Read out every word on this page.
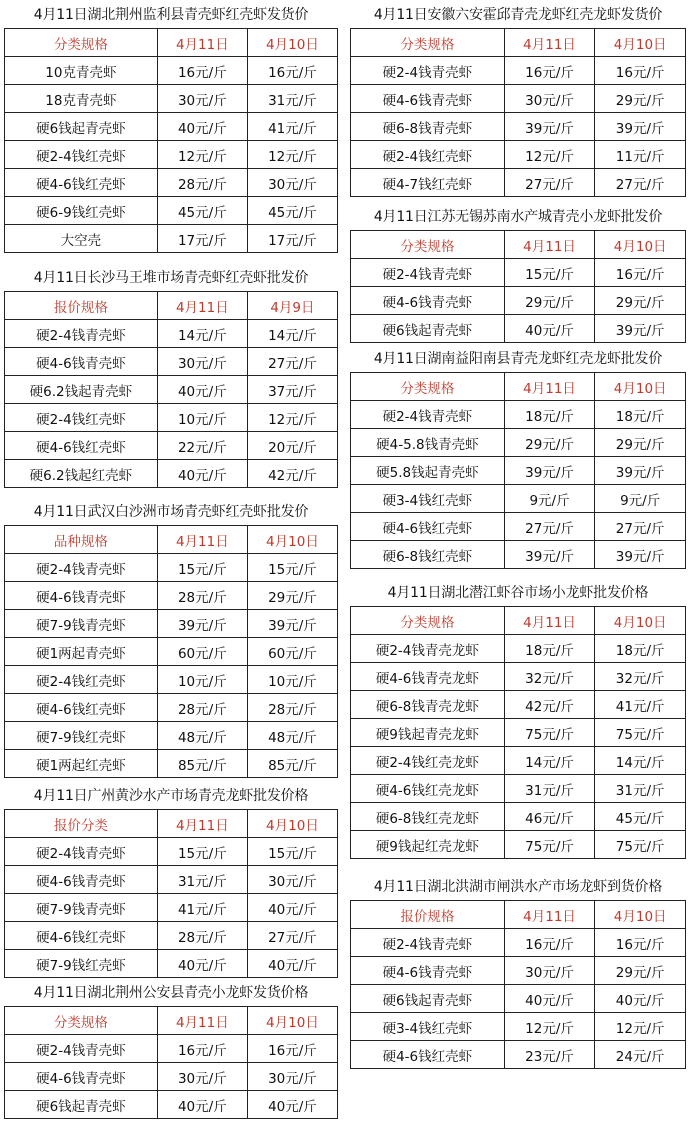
4月11日湖北荆州监利县青壳虾红壳虾发货价
分类规格	4月11日	4月10日
10克青壳虾	16元/斤	16元/斤
18克青壳虾	30元/斤	31元/斤
硬6钱起青壳虾	40元/斤	41元/斤
硬2-4钱红壳虾	12元/斤	12元/斤
硬4-6钱红壳虾	28元/斤	30元/斤
硬6-9钱红壳虾	45元/斤	45元/斤
大空壳	17元/斤	17元/斤
4月11日长沙马王堆市场青壳虾红壳虾批发价
报价规格	4月11日	4月9日
硬2-4钱青壳虾	14元/斤	14元/斤
硬4-6钱青壳虾	30元/斤	27元/斤
硬6.2钱起青壳虾	40元/斤	37元/斤
硬2-4钱红壳虾	10元/斤	12元/斤
硬4-6钱红壳虾	22元/斤	20元/斤
硬6.2钱起红壳虾	40元/斤	42元/斤
4月11日武汉白沙洲市场青壳虾红壳虾批发价
品种规格	4月11日	4月10日
硬2-4钱青壳虾	15元/斤	15元/斤
硬4-6钱青壳虾	28元/斤	29元/斤
硬7-9钱青壳虾	39元/斤	39元/斤
硬1两起青壳虾	60元/斤	60元/斤
硬2-4钱红壳虾	10元/斤	10元/斤
硬4-6钱红壳虾	28元/斤	28元/斤
硬7-9钱红壳虾	48元/斤	48元/斤
硬1两起红壳虾	85元/斤	85元/斤
4月11日广州黄沙水产市场青壳龙虾批发价格
报价分类	4月11日	4月10日
硬2-4钱青壳虾	15元/斤	15元/斤
硬4-6钱青壳虾	31元/斤	30元/斤
硬7-9钱青壳虾	41元/斤	40元/斤
硬4-6钱红壳虾	28元/斤	27元/斤
硬7-9钱红壳虾	40元/斤	40元/斤
4月11日湖北荆州公安县青壳小龙虾发货价格
分类规格	4月11日	4月10日
硬2-4钱青壳虾	16元/斤	16元/斤
硬4-6钱青壳虾	30元/斤	30元/斤
硬6钱起青壳虾	40元/斤	40元/斤
4月11日安徽六安霍邱青壳龙虾红壳龙虾发货价
分类规格	4月11日	4月10日
硬2-4钱青壳虾	16元/斤	16元/斤
硬4-6钱青壳虾	30元/斤	29元/斤
硬6-8钱青壳虾	39元/斤	39元/斤
硬2-4钱红壳虾	12元/斤	11元/斤
硬4-7钱红壳虾	27元/斤	27元/斤
4月11日江苏无锡苏南水产城青壳小龙虾批发价
分类规格	4月11日	4月10日
硬2-4钱青壳虾	15元/斤	16元/斤
硬4-6钱青壳虾	29元/斤	29元/斤
硬6钱起青壳虾	40元/斤	39元/斤
4月11日湖南益阳南县青壳龙虾红壳龙虾批发价
分类规格	4月11日	4月10日
硬2-4钱青壳虾	18元/斤	18元/斤
硬4-5.8钱青壳虾	29元/斤	29元/斤
硬5.8钱起青壳虾	39元/斤	39元/斤
硬3-4钱红壳虾	9元/斤	9元/斤
硬4-6钱红壳虾	27元/斤	27元/斤
硬6-8钱红壳虾	39元/斤	39元/斤
4月11日湖北潜江虾谷市场小龙虾批发价格
分类规格	4月11日	4月10日
硬2-4钱青壳龙虾	18元/斤	18元/斤
硬4-6钱青壳龙虾	32元/斤	32元/斤
硬6-8钱青壳龙虾	42元/斤	41元/斤
硬9钱起青壳龙虾	75元/斤	75元/斤
硬2-4钱红壳龙虾	14元/斤	14元/斤
硬4-6钱红壳龙虾	31元/斤	31元/斤
硬6-8钱红壳龙虾	46元/斤	45元/斤
硬9钱起红壳龙虾	75元/斤	75元/斤
4月11日湖北洪湖市闸洪水产市场龙虾到货价格
报价规格	4月11日	4月10日
硬2-4钱青壳虾	16元/斤	16元/斤
硬4-6钱青壳虾	30元/斤	29元/斤
硬6钱起青壳虾	40元/斤	40元/斤
硬3-4钱红壳虾	12元/斤	12元/斤
硬4-6钱红壳虾	23元/斤	24元/斤
